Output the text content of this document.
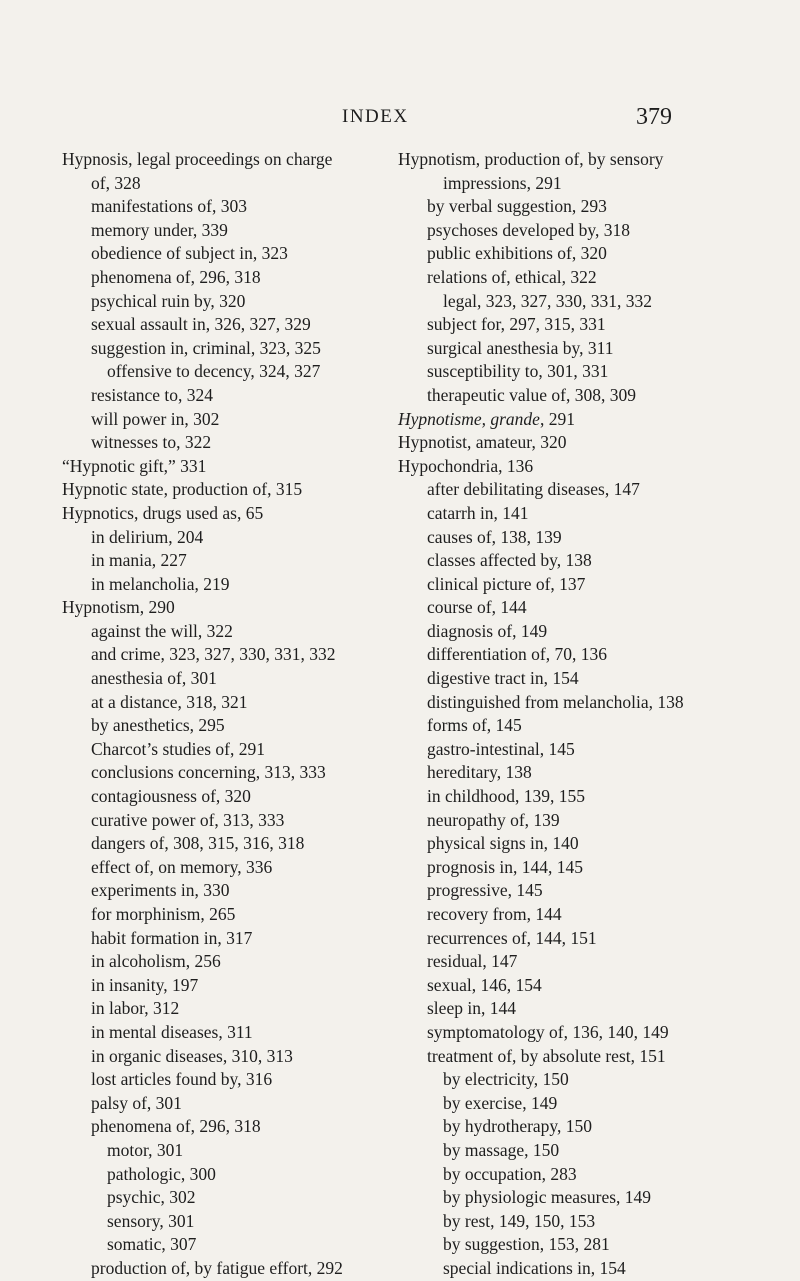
INDEX	379
Hypnosis, legal proceedings on charge
of, 328
manifestations of, 303
memory under, 339
obedience of subject in, 323
phenomena of, 296, 318
psychical ruin by, 320
sexual assault in, 326, 327, 329
suggestion in, criminal, 323, 325
offensive to decency, 324, 327
resistance to, 324
will power in, 302
witnesses to, 322
“Hypnotic gift,” 331
Hypnotic state, production of, 315
Hypnotics, drugs used as, 65
in delirium, 204
in mania, 227
in melancholia, 219
Hypnotism, 290
against the will, 322
and crime, 323, 327, 330, 331, 332
anesthesia of, 301
at a distance, 318, 321
by anesthetics, 295
Charcot’s studies of, 291
conclusions concerning, 313, 333
contagiousness of, 320
curative power of, 313, 333
dangers of, 308, 315, 316, 318
effect of, on memory, 336
experiments in, 330
for morphinism, 265
habit formation in, 317
in alcoholism, 256
in insanity, 197
in labor, 312
in mental diseases, 311
in organic diseases, 310, 313
lost articles found by, 316
palsy of, 301
phenomena of, 296, 318
motor, 301
pathologic, 300
psychic, 302
sensory, 301
somatic, 307
production of, by fatigue effort, 292
Hypnotism, production of, by sensory
impressions, 291
by verbal suggestion, 293
psychoses developed by, 318
public exhibitions of, 320
relations of, ethical, 322
legal, 323, 327, 330, 331, 332
subject for, 297, 315, 331
surgical anesthesia by, 311
susceptibility to, 301, 331
therapeutic value of, 308, 309
Hypnotisme, grande, 291
Hypnotist, amateur, 320
Hypochondria, 136
after debilitating diseases, 147
catarrh in, 141
causes of, 138, 139
classes affected by, 138
clinical picture of, 137
course of, 144
diagnosis of, 149
differentiation of, 70, 136
digestive tract in, 154
distinguished from melancholia, 138
forms of, 145
gastro-intestinal, 145
hereditary, 138
in childhood, 139, 155
neuropathy of, 139
physical signs in, 140
prognosis in, 144, 145
progressive, 145
recovery from, 144
recurrences of, 144, 151
residual, 147
sexual, 146, 154
sleep in, 144
symptomatology of, 136, 140, 149
treatment of, by absolute rest, 151
by electricity, 150
by exercise, 149
by hydrotherapy, 150
by massage, 150
by occupation, 283
by physiologic measures, 149
by rest, 149, 150, 153
by suggestion, 153, 281
special indications in, 154
